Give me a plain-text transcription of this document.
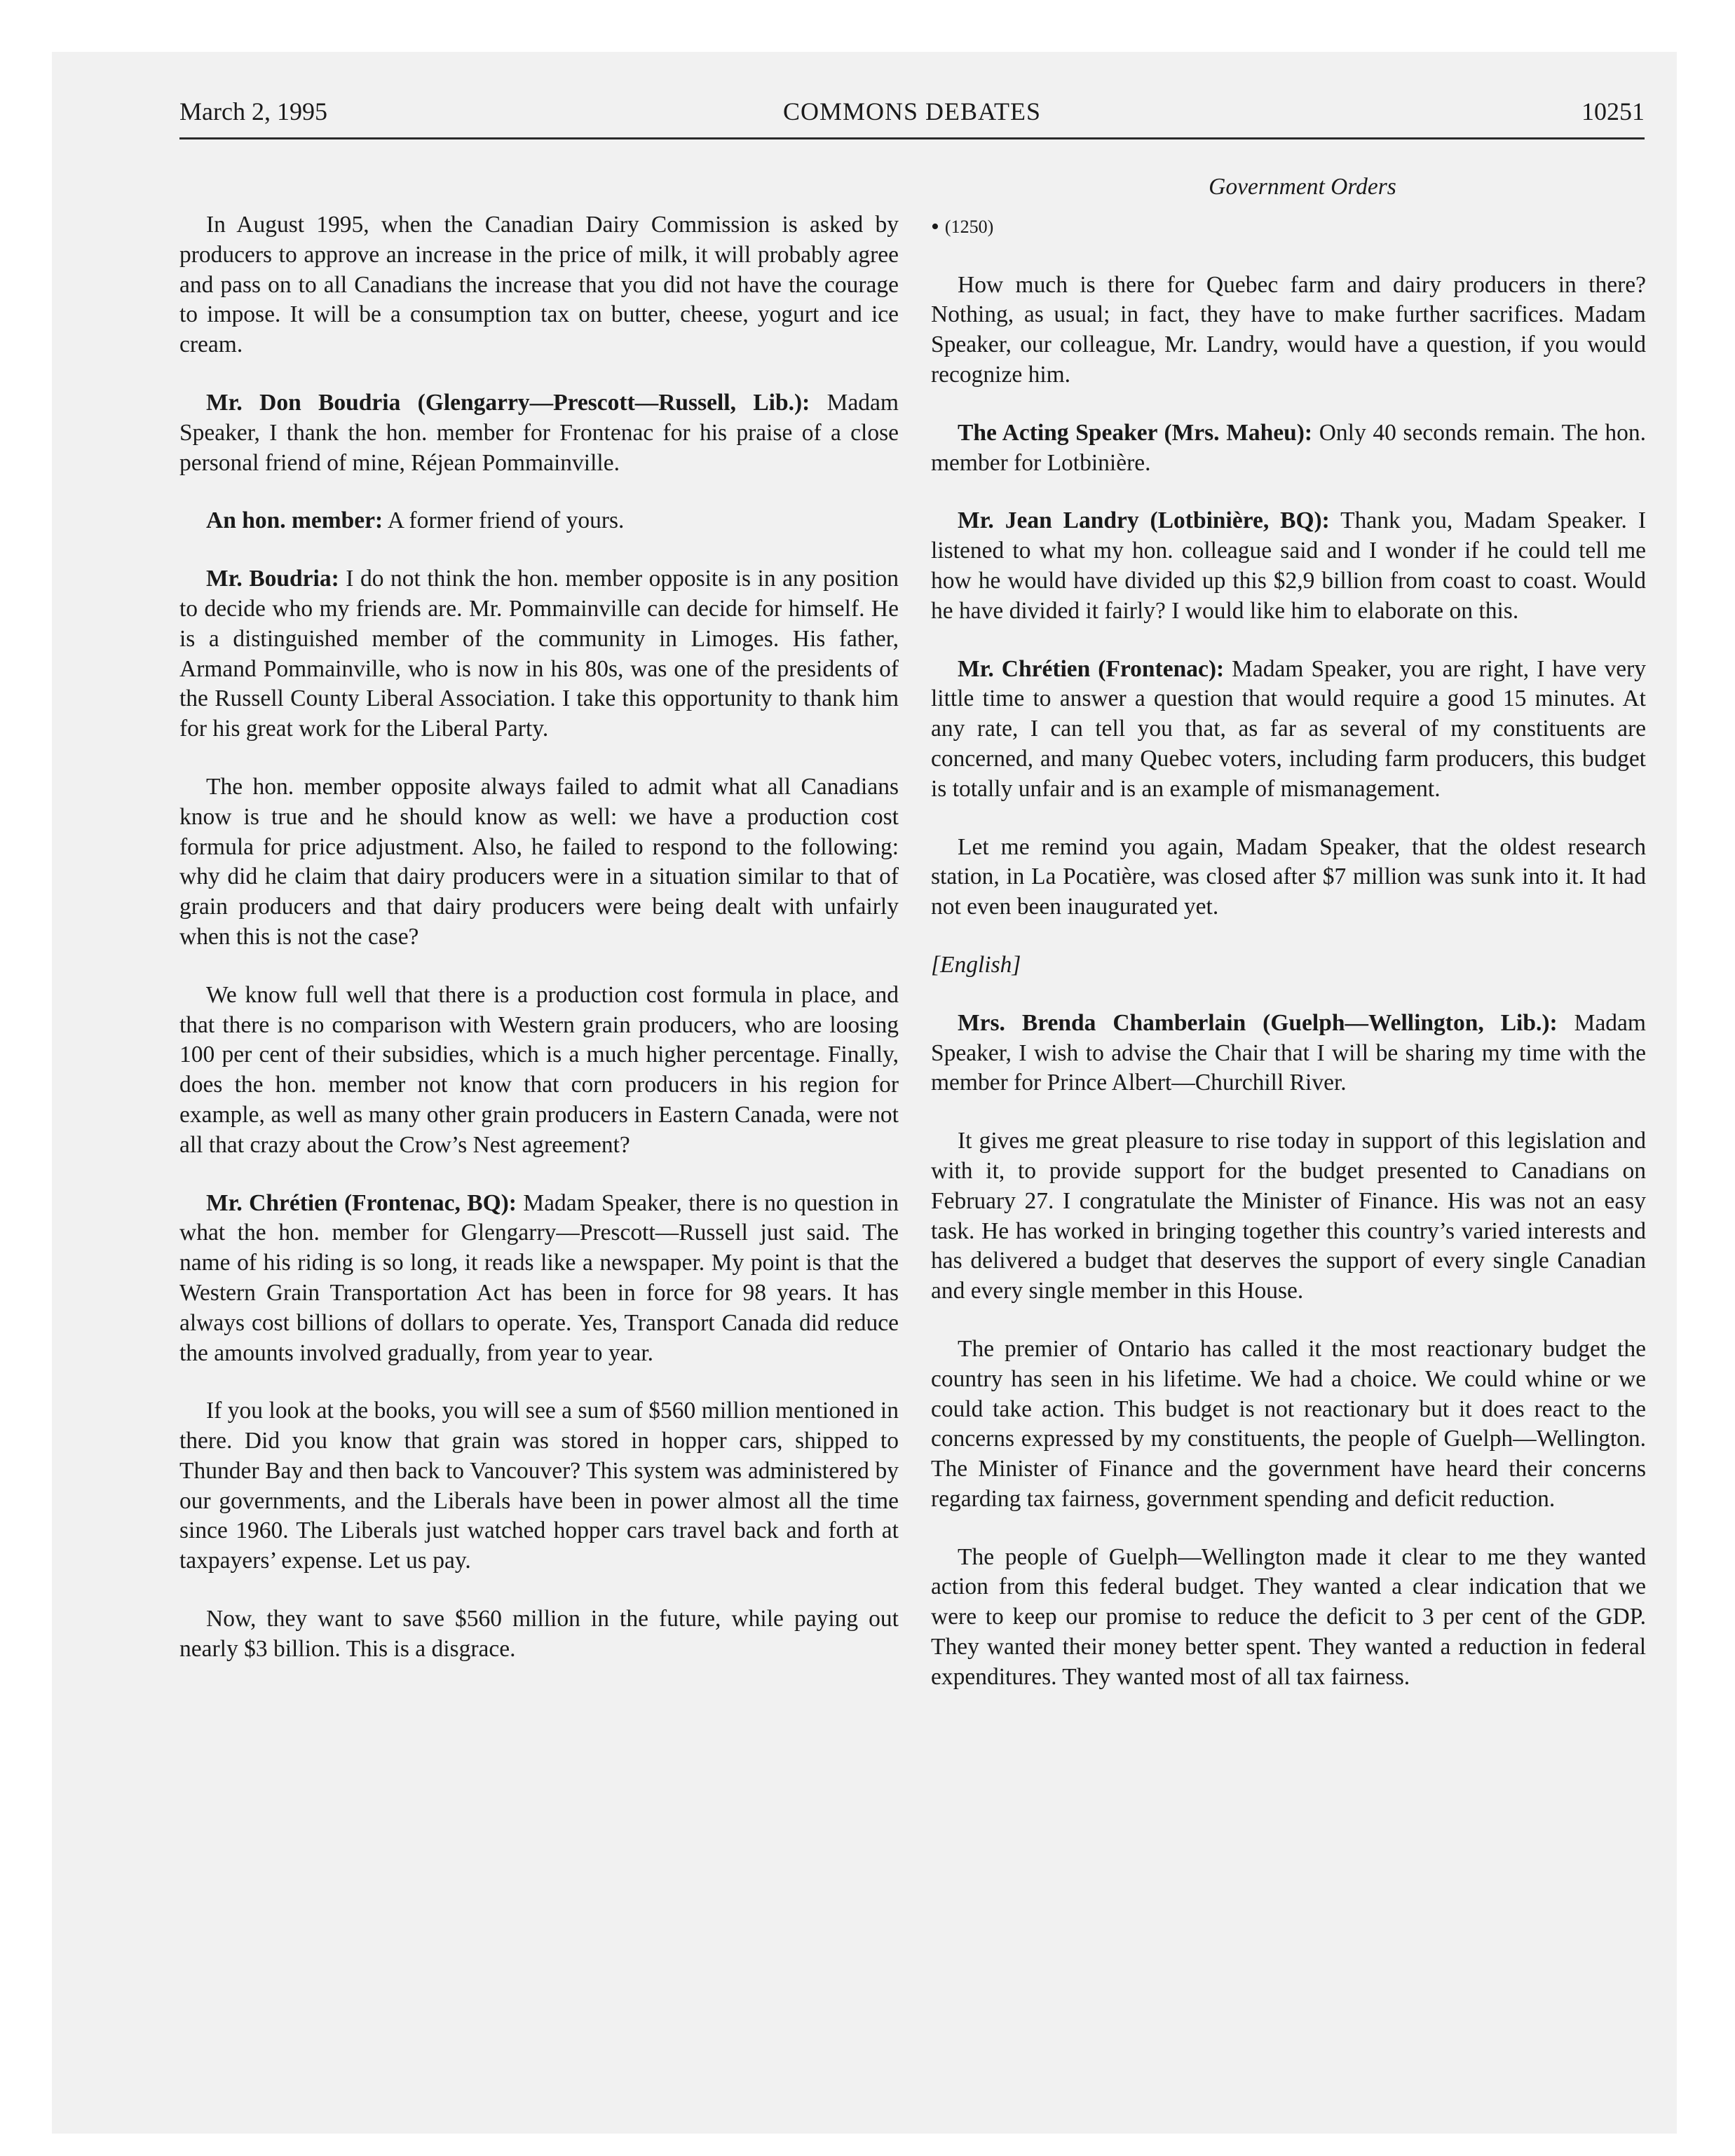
March 2, 1995	COMMONS DEBATES	10251

In August 1995, when the Canadian Dairy Commission is asked by producers to approve an increase in the price of milk, it will probably agree and pass on to all Canadians the increase that you did not have the courage to impose. It will be a consumption tax on butter, cheese, yogurt and ice cream.

Mr. Don Boudria (Glengarry—Prescott—Russell, Lib.): Madam Speaker, I thank the hon. member for Frontenac for his praise of a close personal friend of mine, Réjean Pommainville.

An hon. member: A former friend of yours.

Mr. Boudria: I do not think the hon. member opposite is in any position to decide who my friends are. Mr. Pommainville can decide for himself. He is a distinguished member of the community in Limoges. His father, Armand Pommainville, who is now in his 80s, was one of the presidents of the Russell County Liberal Association. I take this opportunity to thank him for his great work for the Liberal Party.

The hon. member opposite always failed to admit what all Canadians know is true and he should know as well: we have a production cost formula for price adjustment. Also, he failed to respond to the following: why did he claim that dairy producers were in a situation similar to that of grain producers and that dairy producers were being dealt with unfairly when this is not the case?

We know full well that there is a production cost formula in place, and that there is no comparison with Western grain producers, who are loosing 100 per cent of their subsidies, which is a much higher percentage. Finally, does the hon. member not know that corn producers in his region for example, as well as many other grain producers in Eastern Canada, were not all that crazy about the Crow’s Nest agreement?

Mr. Chrétien (Frontenac, BQ): Madam Speaker, there is no question in what the hon. member for Glengarry—Prescott—Russell just said. The name of his riding is so long, it reads like a newspaper. My point is that the Western Grain Transportation Act has been in force for 98 years. It has always cost billions of dollars to operate. Yes, Transport Canada did reduce the amounts involved gradually, from year to year.

If you look at the books, you will see a sum of $560 million mentioned in there. Did you know that grain was stored in hopper cars, shipped to Thunder Bay and then back to Vancouver? This system was administered by our governments, and the Liberals have been in power almost all the time since 1960. The Liberals just watched hopper cars travel back and forth at taxpayers’ expense. Let us pay.

Now, they want to save $560 million in the future, while paying out nearly $3 billion. This is a disgrace.

Government Orders

• (1250)

How much is there for Quebec farm and dairy producers in there? Nothing, as usual; in fact, they have to make further sacrifices. Madam Speaker, our colleague, Mr. Landry, would have a question, if you would recognize him.

The Acting Speaker (Mrs. Maheu): Only 40 seconds remain. The hon. member for Lotbinière.

Mr. Jean Landry (Lotbinière, BQ): Thank you, Madam Speaker. I listened to what my hon. colleague said and I wonder if he could tell me how he would have divided up this $2,9 billion from coast to coast. Would he have divided it fairly? I would like him to elaborate on this.

Mr. Chrétien (Frontenac): Madam Speaker, you are right, I have very little time to answer a question that would require a good 15 minutes. At any rate, I can tell you that, as far as several of my constituents are concerned, and many Quebec voters, including farm producers, this budget is totally unfair and is an example of mismanagement.

Let me remind you again, Madam Speaker, that the oldest research station, in La Pocatière, was closed after $7 million was sunk into it. It had not even been inaugurated yet.

[English]

Mrs. Brenda Chamberlain (Guelph—Wellington, Lib.): Madam Speaker, I wish to advise the Chair that I will be sharing my time with the member for Prince Albert—Churchill River.

It gives me great pleasure to rise today in support of this legislation and with it, to provide support for the budget presented to Canadians on February 27. I congratulate the Minister of Finance. His was not an easy task. He has worked in bringing together this country’s varied interests and has delivered a budget that deserves the support of every single Canadian and every single member in this House.

The premier of Ontario has called it the most reactionary budget the country has seen in his lifetime. We had a choice. We could whine or we could take action. This budget is not reactionary but it does react to the concerns expressed by my constituents, the people of Guelph—Wellington. The Minister of Finance and the government have heard their concerns regarding tax fairness, government spending and deficit reduction.

The people of Guelph—Wellington made it clear to me they wanted action from this federal budget. They wanted a clear indication that we were to keep our promise to reduce the deficit to 3 per cent of the GDP. They wanted their money better spent. They wanted a reduction in federal expenditures. They wanted most of all tax fairness.
